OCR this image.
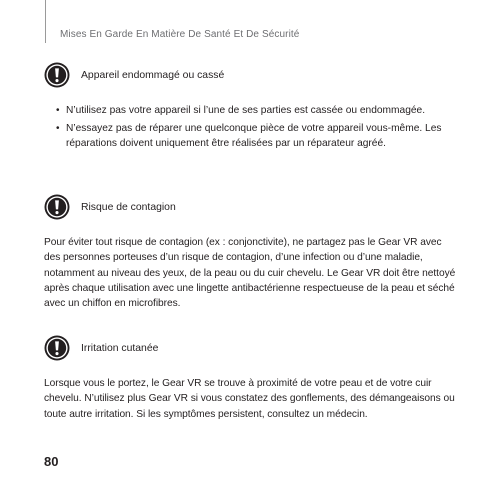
Mises En Garde En Matière De Santé Et De Sécurité
Appareil endommagé ou cassé
• N’utilisez pas votre appareil si l’une de ses parties est cassée ou endommagée.
• N’essayez pas de réparer une quelconque pièce de votre appareil vous-même. Les réparations doivent uniquement être réalisées par un réparateur agréé.
Risque de contagion

Pour éviter tout risque de contagion (ex : conjonctivite), ne partagez pas le Gear VR avec des personnes porteuses d’un risque de contagion, d’une infection ou d’une maladie, notamment au niveau des yeux, de la peau ou du cuir chevelu. Le Gear VR doit être nettoyé après chaque utilisation avec une lingette antibactérienne respectueuse de la peau et séché avec un chiffon en microfibres.

Irritation cutanée

Lorsque vous le portez, le Gear VR se trouve à proximité de votre peau et de votre cuir chevelu. N’utilisez plus Gear VR si vous constatez des gonflements, des démangeaisons ou toute autre irritation. Si les symptômes persistent, consultez un médecin.

80
